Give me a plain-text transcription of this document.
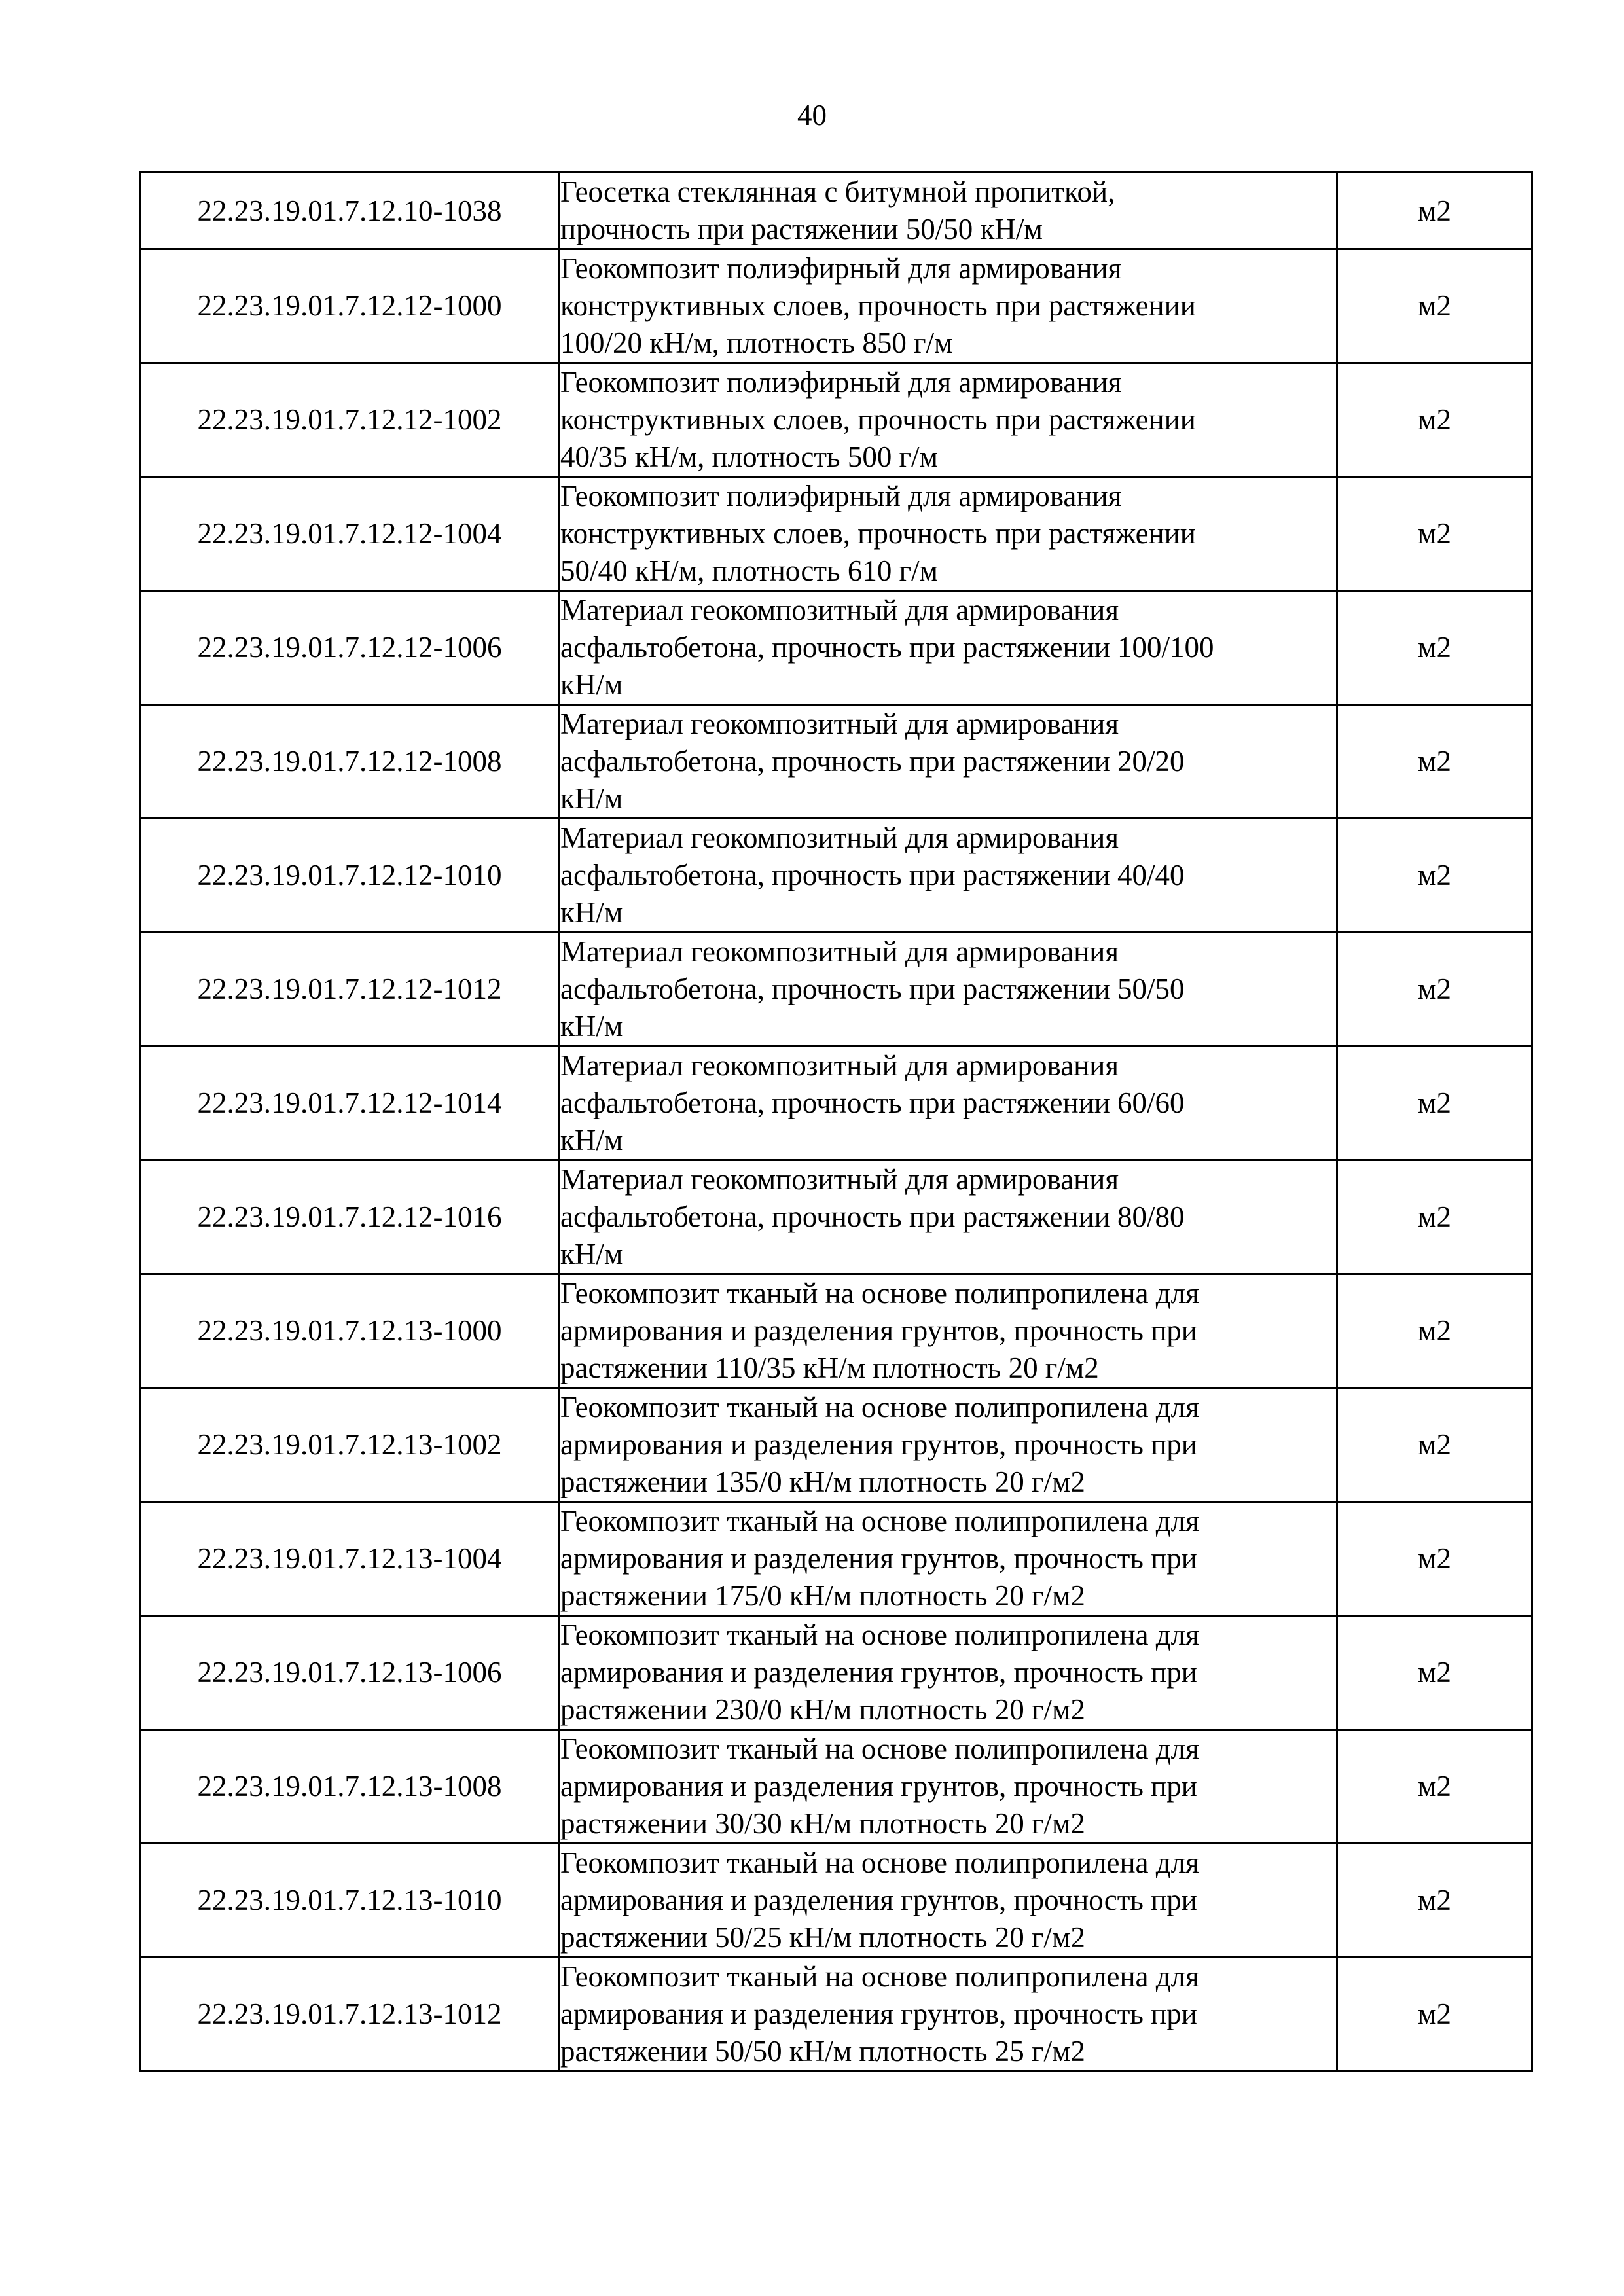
40
22.23.19.01.7.12.10-1038	Геосетка стеклянная с битумной пропиткой,
прочность при растяжении 50/50 кН/м	м2
22.23.19.01.7.12.12-1000	Геокомпозит полиэфирный для армирования
конструктивных слоев, прочность при растяжении
100/20 кН/м, плотность 850 г/м	м2
22.23.19.01.7.12.12-1002	Геокомпозит полиэфирный для армирования
конструктивных слоев, прочность при растяжении
40/35 кН/м, плотность 500 г/м	м2
22.23.19.01.7.12.12-1004	Геокомпозит полиэфирный для армирования
конструктивных слоев, прочность при растяжении
50/40 кН/м, плотность 610 г/м	м2
22.23.19.01.7.12.12-1006	Материал геокомпозитный для армирования
асфальтобетона, прочность при растяжении 100/100
кН/м	м2
22.23.19.01.7.12.12-1008	Материал геокомпозитный для армирования
асфальтобетона, прочность при растяжении 20/20
кН/м	м2
22.23.19.01.7.12.12-1010	Материал геокомпозитный для армирования
асфальтобетона, прочность при растяжении 40/40
кН/м	м2
22.23.19.01.7.12.12-1012	Материал геокомпозитный для армирования
асфальтобетона, прочность при растяжении 50/50
кН/м	м2
22.23.19.01.7.12.12-1014	Материал геокомпозитный для армирования
асфальтобетона, прочность при растяжении 60/60
кН/м	м2
22.23.19.01.7.12.12-1016	Материал геокомпозитный для армирования
асфальтобетона, прочность при растяжении 80/80
кН/м	м2
22.23.19.01.7.12.13-1000	Геокомпозит тканый на основе полипропилена для
армирования и разделения грунтов, прочность при
растяжении 110/35 кН/м плотность 20 г/м2	м2
22.23.19.01.7.12.13-1002	Геокомпозит тканый на основе полипропилена для
армирования и разделения грунтов, прочность при
растяжении 135/0 кН/м плотность 20 г/м2	м2
22.23.19.01.7.12.13-1004	Геокомпозит тканый на основе полипропилена для
армирования и разделения грунтов, прочность при
растяжении 175/0 кН/м плотность 20 г/м2	м2
22.23.19.01.7.12.13-1006	Геокомпозит тканый на основе полипропилена для
армирования и разделения грунтов, прочность при
растяжении 230/0 кН/м плотность 20 г/м2	м2
22.23.19.01.7.12.13-1008	Геокомпозит тканый на основе полипропилена для
армирования и разделения грунтов, прочность при
растяжении 30/30 кН/м плотность 20 г/м2	м2
22.23.19.01.7.12.13-1010	Геокомпозит тканый на основе полипропилена для
армирования и разделения грунтов, прочность при
растяжении 50/25 кН/м плотность 20 г/м2	м2
22.23.19.01.7.12.13-1012	Геокомпозит тканый на основе полипропилена для
армирования и разделения грунтов, прочность при
растяжении 50/50 кН/м плотность 25 г/м2	м2
